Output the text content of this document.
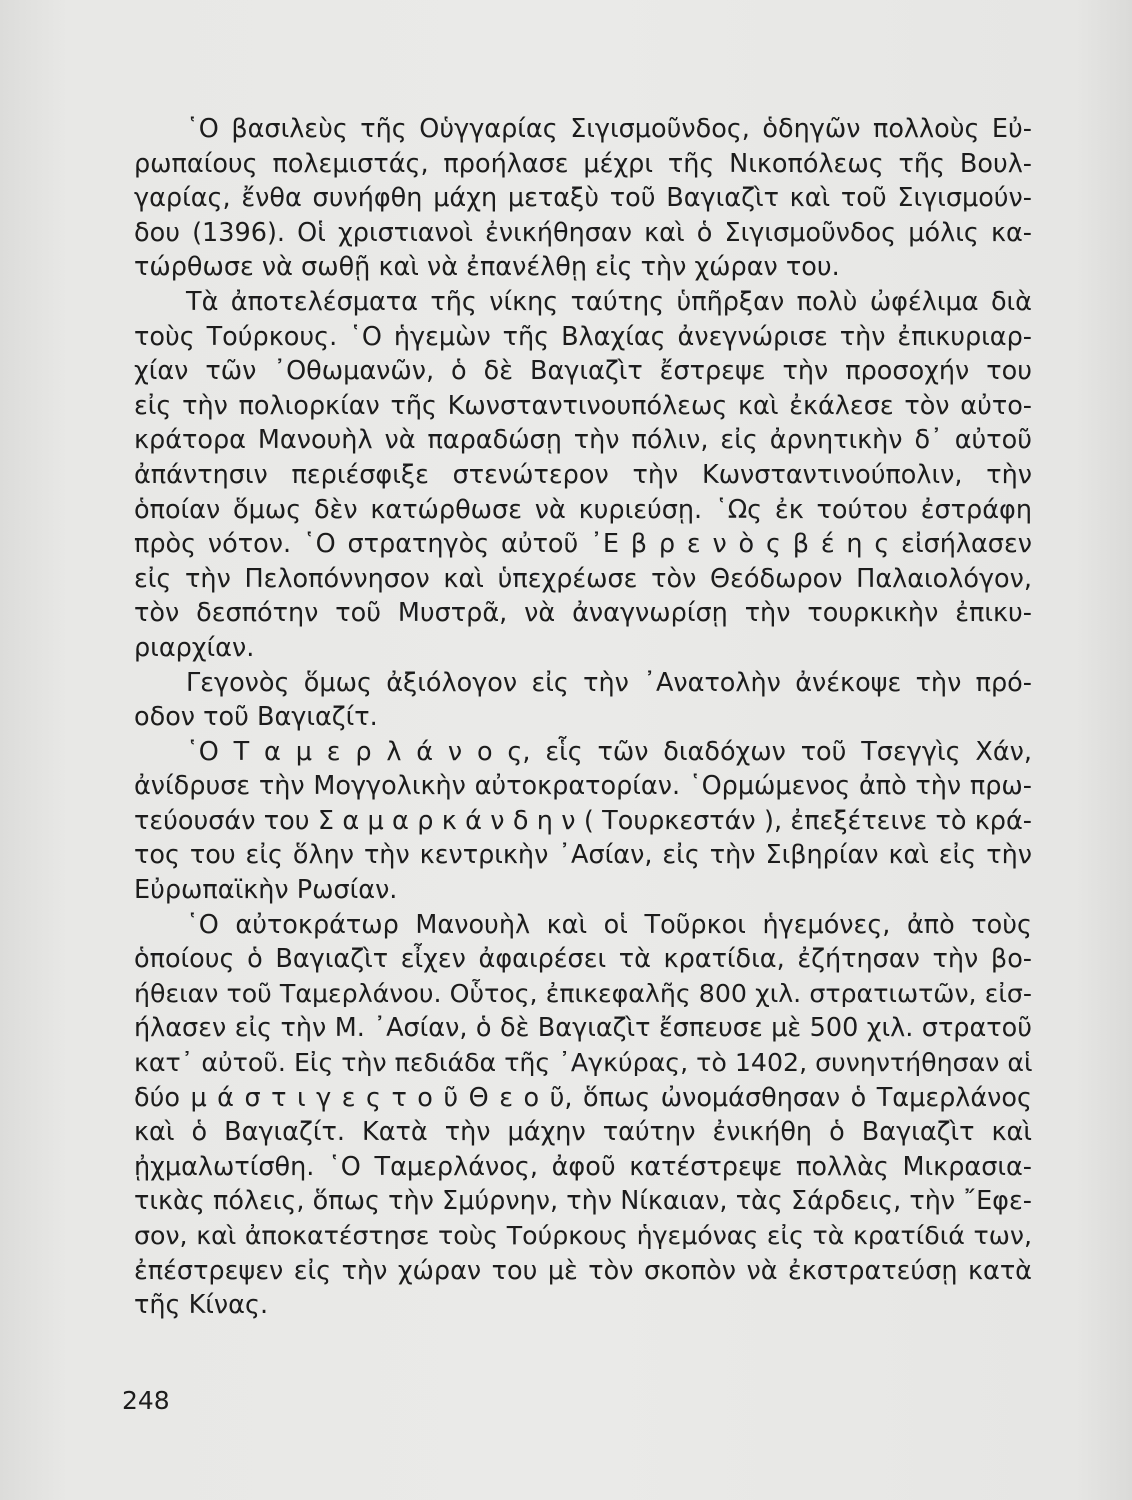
῾Ο βασιλεὺς τῆς Οὑγγαρίας Σιγισμοῦνδος, ὁδηγῶν πολλοὺς Εὐ-
ρωπαίους πολεμιστάς, προήλασε μέχρι τῆς Νικοπόλεως τῆς Βουλ-
γαρίας, ἔνθα συνήφθη μάχη μεταξὺ τοῦ Βαγιαζὶτ καὶ τοῦ Σιγισμούν-
δου (1396). Οἱ χριστιανοὶ ἐνικήθησαν καὶ ὁ Σιγισμοῦνδος μόλις κα-
τώρθωσε νὰ σωθῇ καὶ νὰ ἐπανέλθῃ εἰς τὴν χώραν του.
Τὰ ἀποτελέσματα τῆς νίκης ταύτης ὑπῆρξαν πολὺ ὠφέλιμα διὰ
τοὺς Τούρκους. ῾Ο ἡγεμὼν τῆς Βλαχίας ἀνεγνώρισε τὴν ἐπικυριαρ-
χίαν τῶν ᾿Οθωμανῶν, ὁ δὲ Βαγιαζὶτ ἔστρεψε τὴν προσοχήν του
εἰς τὴν πολιορκίαν τῆς Κωνσταντινουπόλεως καὶ ἐκάλεσε τὸν αὐτο-
κράτορα Μανουὴλ νὰ παραδώσῃ τὴν πόλιν, εἰς ἀρνητικὴν δ᾿ αὐτοῦ
ἀπάντησιν περιέσφιξε στενώτερον τὴν Κωνσταντινούπολιν, τὴν
ὁποίαν ὅμως δὲν κατώρθωσε νὰ κυριεύσῃ. ῾Ως ἐκ τούτου ἐστράφη
πρὸς νότον. ῾Ο στρατηγὸς αὐτοῦ ᾿Ε β ρ ε ν ὸ ς β έ η ς εἰσήλασεν
εἰς τὴν Πελοπόννησον καὶ ὑπεχρέωσε τὸν Θεόδωρον Παλαιολόγον,
τὸν δεσπότην τοῦ Μυστρᾶ, νὰ ἀναγνωρίσῃ τὴν τουρκικὴν ἐπικυ-
ριαρχίαν.
Γεγονὸς ὅμως ἀξιόλογον εἰς τὴν ᾿Ανατολὴν ἀνέκοψε τὴν πρό-
οδον τοῦ Βαγιαζίτ.
῾Ο Τ α μ ε ρ λ ά ν ο ς, εἷς τῶν διαδόχων τοῦ Τσεγγὶς Χάν,
ἀνίδρυσε τὴν Μογγολικὴν αὐτοκρατορίαν. ῾Ορμώμενος ἀπὸ τὴν πρω-
τεύουσάν του Σ α μ α ρ κ ά ν δ η ν ( Τουρκεστάν ), ἐπεξέτεινε τὸ κρά-
τος του εἰς ὅλην τὴν κεντρικὴν ᾿Ασίαν, εἰς τὴν Σιβηρίαν καὶ εἰς τὴν
Εὐρωπαϊκὴν Ρωσίαν.
῾Ο αὐτοκράτωρ Μανουὴλ καὶ οἱ Τοῦρκοι ἡγεμόνες, ἀπὸ τοὺς
ὁποίους ὁ Βαγιαζὶτ εἶχεν ἀφαιρέσει τὰ κρατίδια, ἐζήτησαν τὴν βο-
ήθειαν τοῦ Ταμερλάνου. Οὗτος, ἐπικεφαλῆς 800 χιλ. στρατιωτῶν, εἰσ-
ήλασεν εἰς τὴν Μ. ᾿Ασίαν, ὁ δὲ Βαγιαζὶτ ἔσπευσε μὲ 500 χιλ. στρατοῦ
κατ᾿ αὐτοῦ. Εἰς τὴν πεδιάδα τῆς ᾿Αγκύρας, τὸ 1402, συνηντήθησαν αἱ
δύο μ ά σ τ ι γ ε ς τ ο ῦ Θ ε ο ῦ, ὅπως ὠνομάσθησαν ὁ Ταμερλάνος
καὶ ὁ Βαγιαζίτ. Κατὰ τὴν μάχην ταύτην ἐνικήθη ὁ Βαγιαζὶτ καὶ
ᾐχμαλωτίσθη. ῾Ο Ταμερλάνος, ἀφοῦ κατέστρεψε πολλὰς Μικρασια-
τικὰς πόλεις, ὅπως τὴν Σμύρνην, τὴν Νίκαιαν, τὰς Σάρδεις, τὴν ῎Εφε-
σον, καὶ ἀποκατέστησε τοὺς Τούρκους ἡγεμόνας εἰς τὰ κρατίδιά των,
ἐπέστρεψεν εἰς τὴν χώραν του μὲ τὸν σκοπὸν νὰ ἐκστρατεύσῃ κατὰ
τῆς Κίνας.
248
